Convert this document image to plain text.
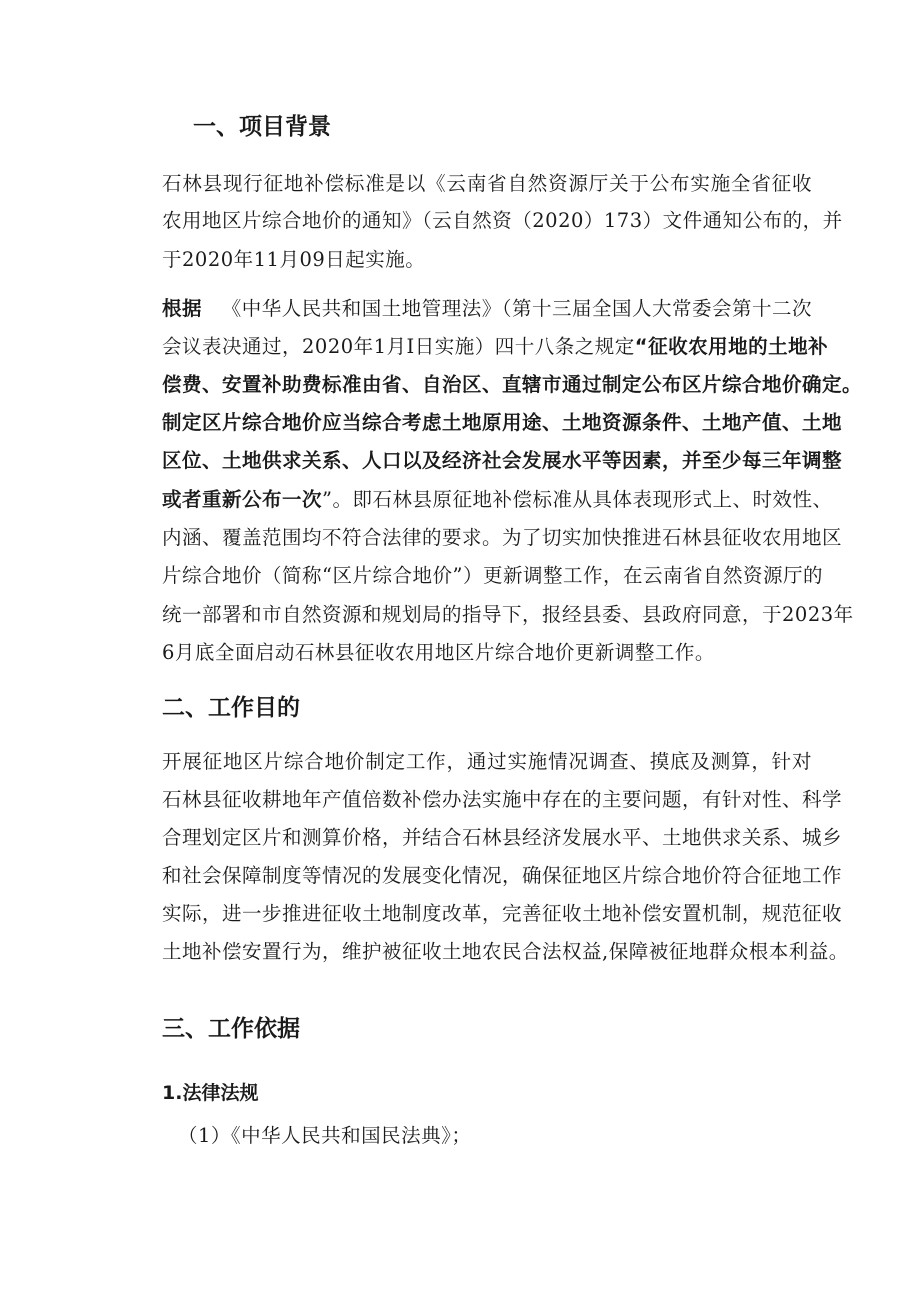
一、项目背景
石林县现行征地补偿标准是以《云南省自然资源厅关于公布实施全省征收
农用地区片综合地价的通知》（云自然资（2020）173）文件通知公布的，并
于2020年11月09日起实施。
根据 《中华人民共和国土地管理法》（第十三届全国人大常委会第十二次
会议表决通过，2020年1月Ⅰ日实施）四十八条之规定 “征收农用地的土地补
偿费、安置补助费标准由省、自治区、直辖市通过制定公布区片综合地价确定。
制定区片综合地价应当综合考虑土地原用途、土地资源条件、土地产值、土地
区位、土地供求关系、人口以及经济社会发展水平等因素，并至少每三年调整
或者重新公布一次 ”。即石林县原征地补偿标准从具体表现形式上、时效性、
内涵、覆盖范围均不符合法律的要求。为了切实加快推进石林县征收农用地区
片综合地价（简称“区片综合地价”）更新调整工作，在云南省自然资源厅的
统一部署和市自然资源和规划局的指导下，报经县委、县政府同意，于2023年
6月底全面启动石林县征收农用地区片综合地价更新调整工作。
二、工作目的
开展征地区片综合地价制定工作，通过实施情况调查、摸底及测算，针对
石林县征收耕地年产值倍数补偿办法实施中存在的主要问题，有针对性、科学
合理划定区片和测算价格，并结合石林县经济发展水平、土地供求关系、城乡
和社会保障制度等情况的发展变化情况，确保征地区片综合地价符合征地工作
实际，进一步推进征收土地制度改革，完善征收土地补偿安置机制，规范征收
土地补偿安置行为，维护被征收土地农民合法权益,保障被征地群众根本利益。
三、工作依据
1.法律法规
（1）《中华人民共和国民法典》；
